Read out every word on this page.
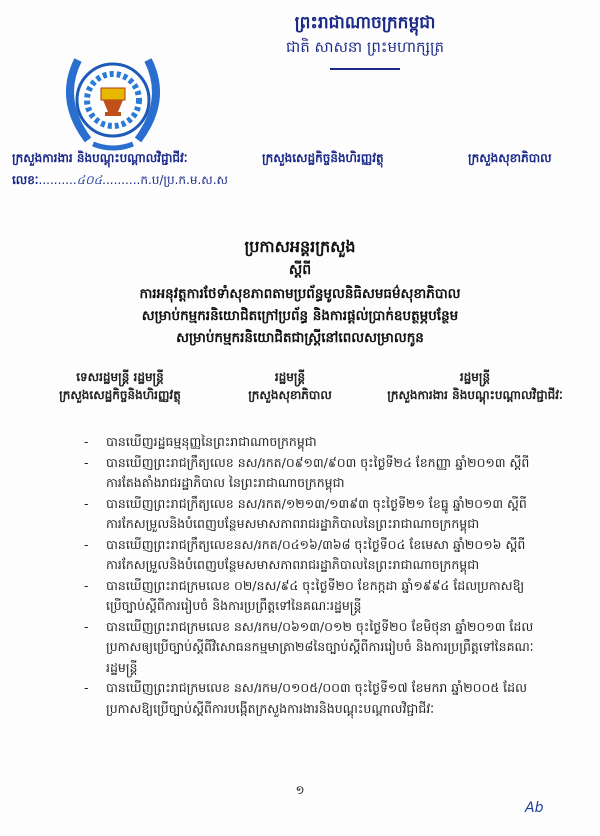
ព្រះរាជាណាចក្រកម្ពុជា
ជាតិ សាសនា ព្រះមហាក្សត្រ
ក្រសួងការងារ និងបណ្តុះបណ្តាលវិជ្ជាជីវៈ	ក្រសួងសេដ្ឋកិច្ចនិងហិរញ្ញវត្ថុ	ក្រសួងសុខាភិបាល
លេខៈ..........៤០៤..........ក.ប/ប្រ.ក.ម.ស.ស
ប្រកាសអន្តរក្រសួង
ស្តីពី
ការអនុវត្តការថែទាំសុខភាពតាមប្រព័ន្ធមូលនិធិសមធម៌សុខាភិបាល
សម្រាប់កម្មករនិយោជិតក្រៅប្រព័ន្ធ និងការផ្តល់ប្រាក់ឧបត្ថម្ភបន្ថែម
សម្រាប់កម្មករនិយោជិតជាស្ត្រីនៅពេលសម្រាលកូន
ទេសរដ្ឋមន្ត្រី រដ្ឋមន្ត្រី
ក្រសួងសេដ្ឋកិច្ចនិងហិរញ្ញវត្ថុ
រដ្ឋមន្ត្រី
ក្រសួងសុខាភិបាល
រដ្ឋមន្ត្រី
ក្រសួងការងារ និងបណ្តុះបណ្តាលវិជ្ជាជីវៈ
- បានឃើញរដ្ឋធម្មនុញ្ញនៃព្រះរាជាណាចក្រកម្ពុជា
- បានឃើញព្រះរាជក្រឹត្យលេខ នស/រកត/០៩១៣/៩០៣ ចុះថ្ងៃទី២៤ ខែកញ្ញា ឆ្នាំ២០១៣ ស្តីពីការតែងតាំងរាជរដ្ឋាភិបាល នៃព្រះរាជាណាចក្រកម្ពុជា
- បានឃើញព្រះរាជក្រឹត្យលេខ នស/រកត/១២១៣/១៣៩៣ ចុះថ្ងៃទី២១ ខែធ្នូ ឆ្នាំ២០១៣ ស្តីពីការកែសម្រួលនិងបំពេញបន្ថែមសមាសភាពរាជរដ្ឋាភិបាលនៃព្រះរាជាណាចក្រកម្ពុជា
- បានឃើញព្រះរាជក្រឹត្យលេខនស/រកត/០៤១៦/៣៦៨ ចុះថ្ងៃទី០៤ ខែមេសា ឆ្នាំ២០១៦ ស្តីពីការកែសម្រួលនិងបំពេញបន្ថែមសមាសភាពរាជរដ្ឋាភិបាលនៃព្រះរាជាណាចក្រកម្ពុជា
- បានឃើញព្រះរាជក្រមលេខ ០២/នស/៩៤ ចុះថ្ងៃទី២០ ខែកក្កដា ឆ្នាំ១៩៩៤ ដែលប្រកាសឱ្យប្រើច្បាប់ស្តីពីការរៀបចំ និងការប្រព្រឹត្តទៅនៃគណៈរដ្ឋមន្ត្រី
- បានឃើញព្រះរាជក្រមលេខ នស/រកម/០៦១៣/០១២ ចុះថ្ងៃទី២០ ខែមិថុនា ឆ្នាំ២០១៣ ដែលប្រកាសឲ្យប្រើច្បាប់ស្តីពីវិសោធនកម្មមាត្រា២៨នៃច្បាប់ស្តីពីការរៀបចំ និងការប្រព្រឹត្តទៅនៃគណៈរដ្ឋមន្ត្រី
- បានឃើញព្រះរាជក្រមលេខ នស/រកម/០១០៥/០០៣ ចុះថ្ងៃទី១៧ ខែមករា ឆ្នាំ២០០៥ ដែលប្រកាសឱ្យប្រើច្បាប់ស្តីពីការបង្កើតក្រសួងការងារនិងបណ្តុះបណ្តាលវិជ្ជាជីវៈ
១
Ab
